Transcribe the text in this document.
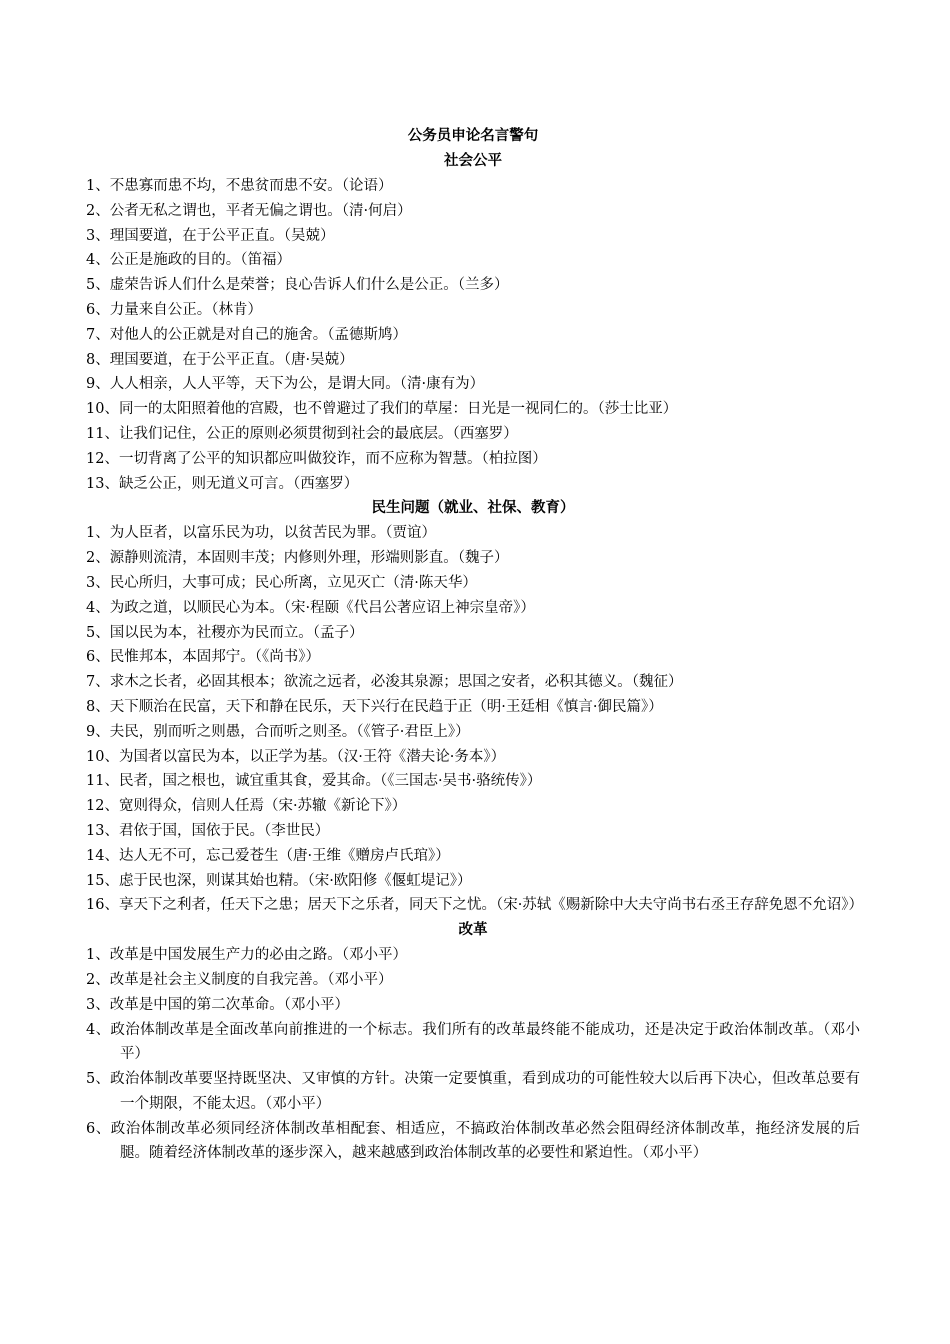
公务员申论名言警句
社会公平
1、不患寡而患不均，不患贫而患不安。（论语）
2、公者无私之谓也，平者无偏之谓也。（清·何启）
3、理国要道，在于公平正直。（吴兢）
4、公正是施政的目的。（笛福）
5、虚荣告诉人们什么是荣誉；良心告诉人们什么是公正。（兰多）
6、力量来自公正。（林肯）
7、对他人的公正就是对自己的施舍。（孟德斯鸠）
8、理国要道，在于公平正直。（唐·吴兢）
9、人人相亲，人人平等，天下为公，是谓大同。（清·康有为）
10、同一的太阳照着他的宫殿，也不曾避过了我们的草屋：日光是一视同仁的。（莎士比亚）
11、让我们记住，公正的原则必须贯彻到社会的最底层。（西塞罗）
12、一切背离了公平的知识都应叫做狡诈，而不应称为智慧。（柏拉图）
13、缺乏公正，则无道义可言。（西塞罗）
民生问题（就业、社保、教育）
1、为人臣者，以富乐民为功，以贫苦民为罪。（贾谊）
2、源静则流清，本固则丰茂；内修则外理，形端则影直。（魏子）
3、民心所归，大事可成；民心所离，立见灭亡（清·陈天华）
4、为政之道，以顺民心为本。（宋·程颐《代吕公著应诏上神宗皇帝》）
5、国以民为本，社稷亦为民而立。（孟子）
6、民惟邦本，本固邦宁。（《尚书》）
7、求木之长者，必固其根本；欲流之远者，必浚其泉源；思国之安者，必积其德义。（魏征）
8、天下顺治在民富，天下和静在民乐，天下兴行在民趋于正（明·王廷相《慎言·御民篇》）
9、夫民，别而听之则愚，合而听之则圣。（《管子·君臣上》）
10、为国者以富民为本，以正学为基。（汉·王符《潜夫论·务本》）
11、民者，国之根也，诚宜重其食，爱其命。（《三国志·吴书·骆统传》）
12、宽则得众，信则人任焉（宋·苏辙《新论下》）
13、君依于国，国依于民。（李世民）
14、达人无不可，忘己爱苍生（唐·王维《赠房卢氏琯》）
15、虑于民也深，则谋其始也精。（宋·欧阳修《偃虹堤记》）
16、享天下之利者，任天下之患；居天下之乐者，同天下之忧。（宋·苏轼《赐新除中大夫守尚书右丞王存辞免恩不允诏》）
改革
1、改革是中国发展生产力的必由之路。（邓小平）
2、改革是社会主义制度的自我完善。（邓小平）
3、改革是中国的第二次革命。（邓小平）
4、政治体制改革是全面改革向前推进的一个标志。我们所有的改革最终能不能成功，还是决定于政治体制改革。（邓小平）
5、政治体制改革要坚持既坚决、又审慎的方针。决策一定要慎重，看到成功的可能性较大以后再下决心，但改革总要有一个期限，不能太迟。（邓小平）
6、政治体制改革必须同经济体制改革相配套、相适应，不搞政治体制改革必然会阻碍经济体制改革，拖经济发展的后腿。随着经济体制改革的逐步深入，越来越感到政治体制改革的必要性和紧迫性。（邓小平）
